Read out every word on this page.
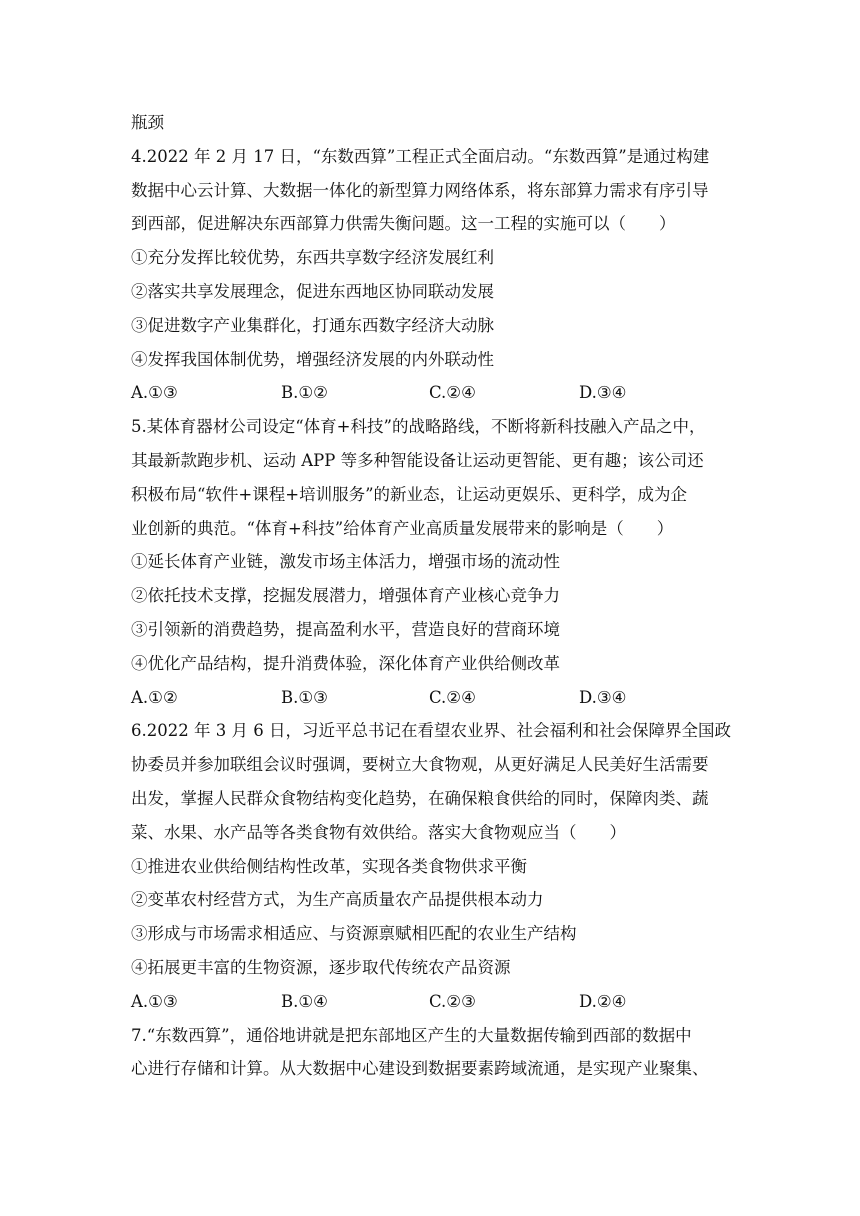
瓶颈
4.2022 年 2 月 17 日，“东数西算”工程正式全面启动。“东数西算”是通过构建
数据中心云计算、大数据一体化的新型算力网络体系，将东部算力需求有序引导
到西部，促进解决东西部算力供需失衡问题。这一工程的实施可以（　　）
①充分发挥比较优势，东西共享数字经济发展红利
②落实共享发展理念，促进东西地区协同联动发展
③促进数字产业集群化，打通东西数字经济大动脉
④发挥我国体制优势，增强经济发展的内外联动性
A.①③	B.①②	C.②④	D.③④
5.某体育器材公司设定“体育+科技”的战略路线，不断将新科技融入产品之中，
其最新款跑步机、运动 APP 等多种智能设备让运动更智能、更有趣；该公司还
积极布局“软件+课程+培训服务”的新业态，让运动更娱乐、更科学，成为企
业创新的典范。“体育+科技”给体育产业高质量发展带来的影响是（　　）
①延长体育产业链，激发市场主体活力，增强市场的流动性
②依托技术支撑，挖掘发展潜力，增强体育产业核心竞争力
③引领新的消费趋势，提高盈利水平，营造良好的营商环境
④优化产品结构，提升消费体验，深化体育产业供给侧改革
A.①②	B.①③	C.②④	D.③④
6.2022 年 3 月 6 日，习近平总书记在看望农业界、社会福利和社会保障界全国政
协委员并参加联组会议时强调，要树立大食物观，从更好满足人民美好生活需要
出发，掌握人民群众食物结构变化趋势，在确保粮食供给的同时，保障肉类、蔬
菜、水果、水产品等各类食物有效供给。落实大食物观应当（　　）
①推进农业供给侧结构性改革，实现各类食物供求平衡
②变革农村经营方式，为生产高质量农产品提供根本动力
③形成与市场需求相适应、与资源禀赋相匹配的农业生产结构
④拓展更丰富的生物资源，逐步取代传统农产品资源
A.①③	B.①④	C.②③	D.②④
7.“东数西算”，通俗地讲就是把东部地区产生的大量数据传输到西部的数据中
心进行存储和计算。从大数据中心建设到数据要素跨域流通，是实现产业聚集、
